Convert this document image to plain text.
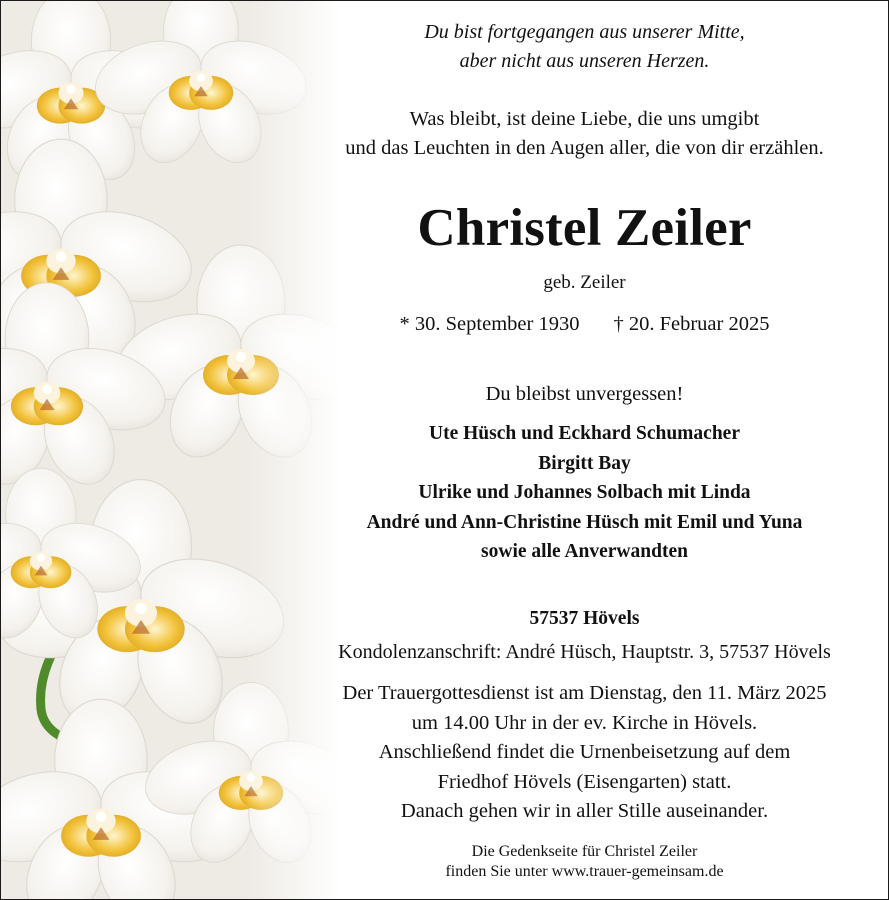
Du bist fortgegangen aus unserer Mitte,
aber nicht aus unseren Herzen.
Was bleibt, ist deine Liebe, die uns umgibt
und das Leuchten in den Augen aller, die von dir erzählen.
Christel Zeiler
geb. Zeiler
* 30. September 1930 † 20. Februar 2025
Du bleibst unvergessen!
Ute Hüsch und Eckhard Schumacher
Birgitt Bay
Ulrike und Johannes Solbach mit Linda
André und Ann-Christine Hüsch mit Emil und Yuna
sowie alle Anverwandten
57537 Hövels
Kondolenzanschrift: André Hüsch, Hauptstr. 3, 57537 Hövels
Der Trauergottesdienst ist am Dienstag, den 11. März 2025
um 14.00 Uhr in der ev. Kirche in Hövels.
Anschließend findet die Urnenbeisetzung auf dem
Friedhof Hövels (Eisengarten) statt.
Danach gehen wir in aller Stille auseinander.
Die Gedenkseite für Christel Zeiler
finden Sie unter www.trauer-gemeinsam.de
